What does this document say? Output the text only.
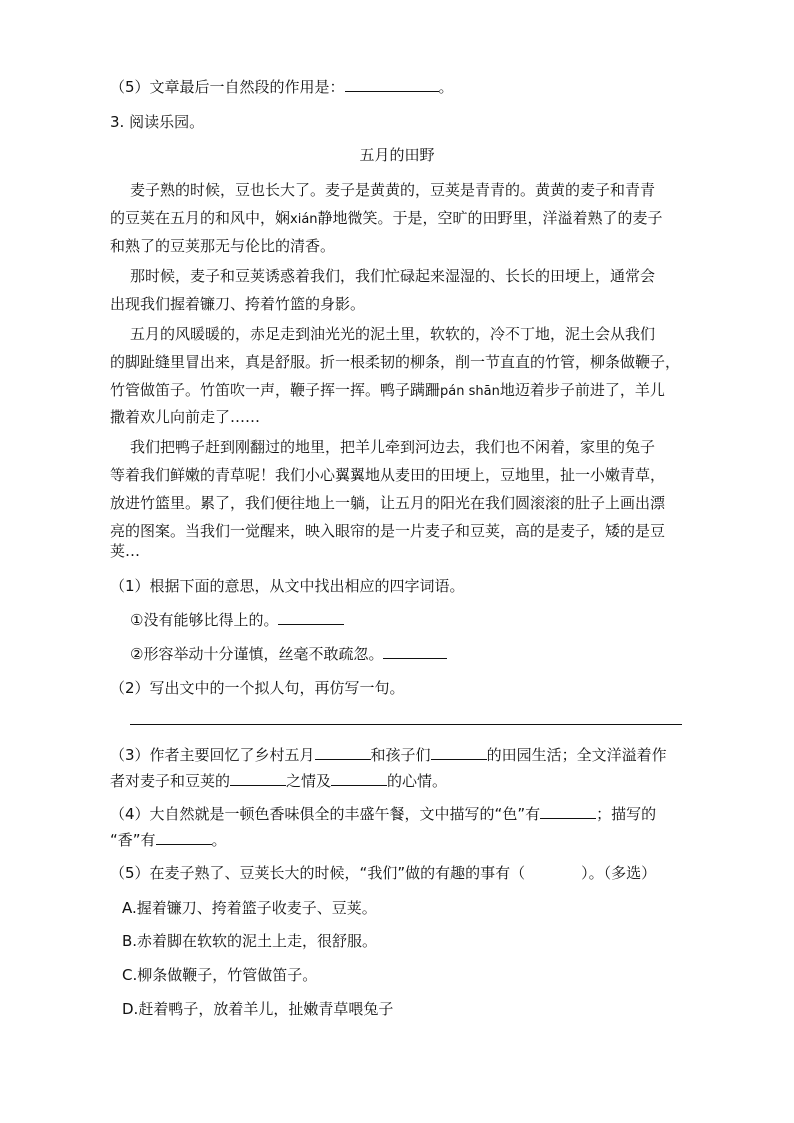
（5）文章最后一自然段的作用是：	。
3. 阅读乐园。
五月的田野
麦子熟的时候，豆也长大了。麦子是黄黄的，豆荚是青青的。黄黄的麦子和青青
的豆荚在五月的和风中，娴xián静地微笑。于是，空旷的田野里，洋溢着熟了的麦子
和熟了的豆荚那无与伦比的清香。
那时候，麦子和豆荚诱惑着我们，我们忙碌起来湿湿的、长长的田埂上，通常会
出现我们握着镰刀、挎着竹篮的身影。
五月的风暖暖的，赤足走到油光光的泥土里，软软的，冷不丁地，泥土会从我们
的脚趾缝里冒出来，真是舒服。折一根柔韧的柳条，削一节直直的竹管，柳条做鞭子，
竹管做笛子。竹笛吹一声，鞭子挥一挥。鸭子蹒跚pán shān地迈着步子前进了，羊儿
撒着欢儿向前走了……
我们把鸭子赶到刚翻过的地里，把羊儿牵到河边去，我们也不闲着，家里的兔子
等着我们鲜嫩的青草呢！我们小心翼翼地从麦田的田埂上，豆地里，扯一小嫩青草，
放进竹篮里。累了，我们便往地上一躺，让五月的阳光在我们圆滚滚的肚子上画出漂
亮的图案。当我们一觉醒来，映入眼帘的是一片麦子和豆荚，高的是麦子，矮的是豆
荚…
（1）根据下面的意思，从文中找出相应的四字词语。
①没有能够比得上的。
②形容举动十分谨慎，丝毫不敢疏忽。
（2）写出文中的一个拟人句，再仿写一句。
（3）作者主要回忆了乡村五月	和孩子们	的田园生活；全文洋溢着作
者对麦子和豆荚的	之情及	的心情。
（4）大自然就是一顿色香味俱全的丰盛午餐，文中描写的“色”有	；描写的
“香”有	。
（5）在麦子熟了、豆荚长大的时候，“我们”做的有趣的事有（	）。（多选）
A.握着镰刀、挎着篮子收麦子、豆荚。
B.赤着脚在软软的泥土上走，很舒服。
C.柳条做鞭子，竹管做笛子。
D.赶着鸭子，放着羊儿，扯嫩青草喂兔子
